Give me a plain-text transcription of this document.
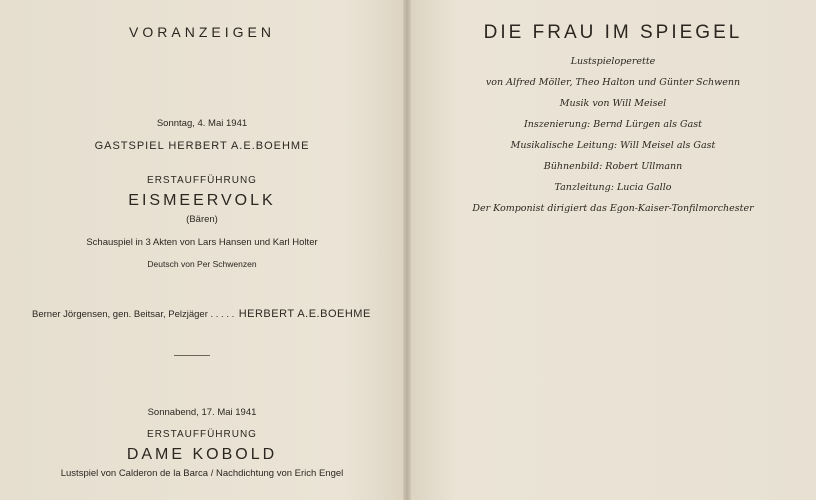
VORANZEIGEN
Sonntag, 4. Mai 1941
GASTSPIEL HERBERT A.E.BOEHME
ERSTAUFFÜHRUNG
EISMEERVOLK
(Bären)
Schauspiel in 3 Akten von Lars Hansen und Karl Holter
Deutsch von Per Schwenzen
Berner Jörgensen, gen. Beitsar, Pelzjäger . . . . . HERBERT A.E.BOEHME
Sonnabend, 17. Mai 1941
ERSTAUFFÜHRUNG
DAME KOBOLD
Lustspiel von Calderon de la Barca / Nachdichtung von Erich Engel
DIE FRAU IM SPIEGEL
Lustspieloperette
von Alfred Möller, Theo Halton und Günter Schwenn
Musik von Will Meisel
Inszenierung: Bernd Lürgen als Gast
Musikalische Leitung: Will Meisel als Gast
Bühnenbild: Robert Ullmann
Tanzleitung: Lucia Gallo
Der Komponist dirigiert das Egon-Kaiser-Tonfilmorchester
